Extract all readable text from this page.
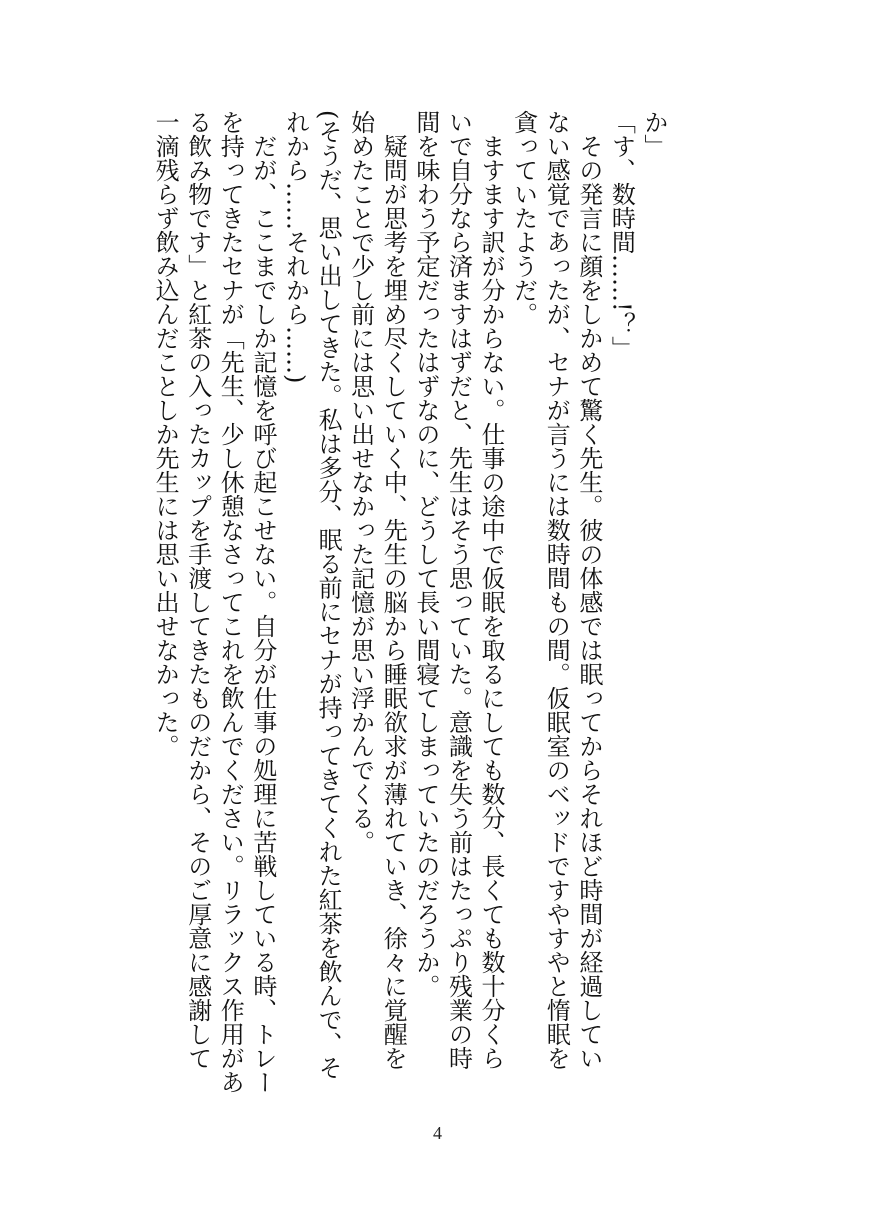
か」

「す、数時間……!？」

　その発言に顔をしかめて驚く先生。彼の体感では眠ってからそれほど時間が経過してい

ない感覚であったが、セナが言うには数時間もの間。仮眠室のベッドですやすやと惰眠を

貪っていたようだ。

　ますます訳が分からない。仕事の途中で仮眠を取るにしても数分、長くても数十分くら

いで自分なら済ますはずだと、先生はそう思っていた。意識を失う前はたっぷり残業の時

間を味わう予定だったはずなのに、どうして長い間寝てしまっていたのだろうか。

　疑問が思考を埋め尽くしていく中、先生の脳から睡眠欲求が薄れていき、徐々に覚醒を

始めたことで少し前には思い出せなかった記憶が思い浮かんでくる。

(そうだ、思い出してきた。私は多分、眠る前にセナが持ってきてくれた紅茶を飲んで、そ

れから……それから……)

　だが、ここまでしか記憶を呼び起こせない。自分が仕事の処理に苦戦している時、トレー

を持ってきたセナが「先生、少し休憩なさってこれを飲んでください。リラックス作用があ

る飲み物です」と紅茶の入ったカップを手渡してきたものだから、そのご厚意に感謝して

一滴残らず飲み込んだことしか先生には思い出せなかった。

4
